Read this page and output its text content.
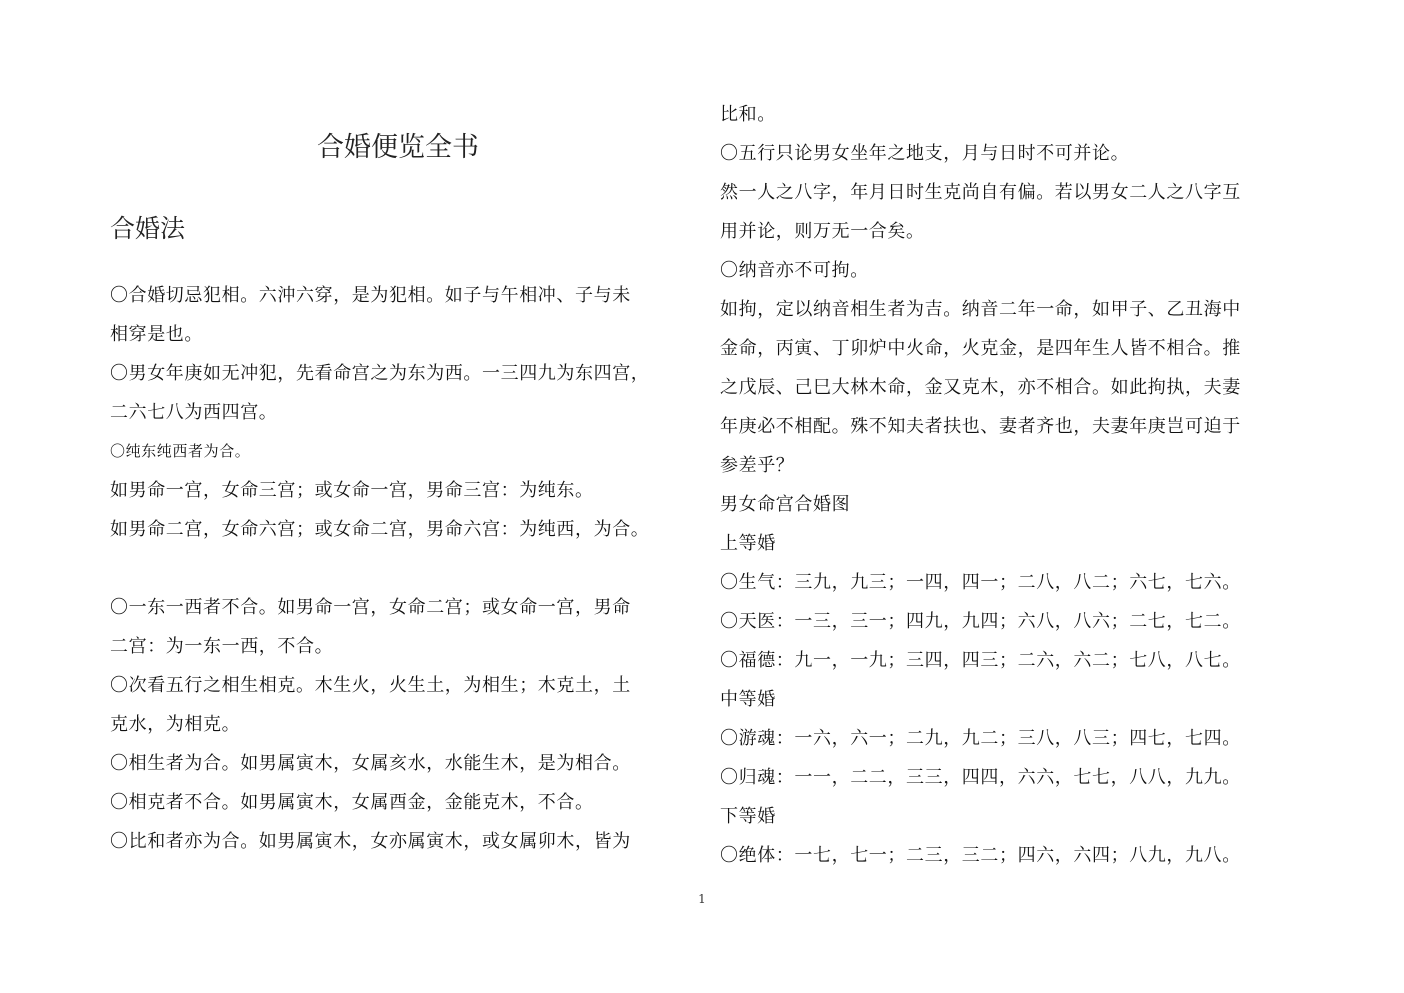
合婚便览全书
合婚法

〇合婚切忌犯相。六沖六穿，是为犯相。如子与午相冲、子与未

相穿是也。

〇男女年庚如无冲犯，先看命宫之为东为西。一三四九为东四宫，

二六七八为西四宫。

〇纯东纯西者为合。

如男命一宫，女命三宫；或女命一宫，男命三宫：为纯东。

如男命二宫，女命六宫；或女命二宫，男命六宫：为纯西，为合。

〇一东一西者不合。如男命一宫，女命二宫；或女命一宫，男命

二宫：为一东一西，不合。

〇次看五行之相生相克。木生火，火生土，为相生；木克土，土

克水，为相克。

〇相生者为合。如男属寅木，女属亥水，水能生木，是为相合。

〇相克者不合。如男属寅木，女属酉金，金能克木，不合。

〇比和者亦为合。如男属寅木，女亦属寅木，或女属卯木，皆为

比和。

〇五行只论男女坐年之地支，月与日时不可并论。

然一人之八字，年月日时生克尚自有偏。若以男女二人之八字互

用并论，则万无一合矣。

〇纳音亦不可拘。

如拘，定以纳音相生者为吉。纳音二年一命，如甲子、乙丑海中

金命，丙寅、丁卯炉中火命，火克金，是四年生人皆不相合。推

之戊辰、己巳大林木命，金又克木，亦不相合。如此拘执，夫妻

年庚必不相配。殊不知夫者扶也、妻者齐也，夫妻年庚岂可迫于

参差乎？

男女命宫合婚图

上等婚

〇生气：三九，九三；一四，四一；二八，八二；六七，七六。

〇天医：一三，三一；四九，九四；六八，八六；二七，七二。

〇福德：九一，一九；三四，四三；二六，六二；七八，八七。

中等婚

〇游魂：一六，六一；二九，九二；三八，八三；四七，七四。

〇归魂：一一，二二，三三，四四，六六，七七，八八，九九。

下等婚

〇绝体：一七，七一；二三，三二；四六，六四；八九，九八。

1
